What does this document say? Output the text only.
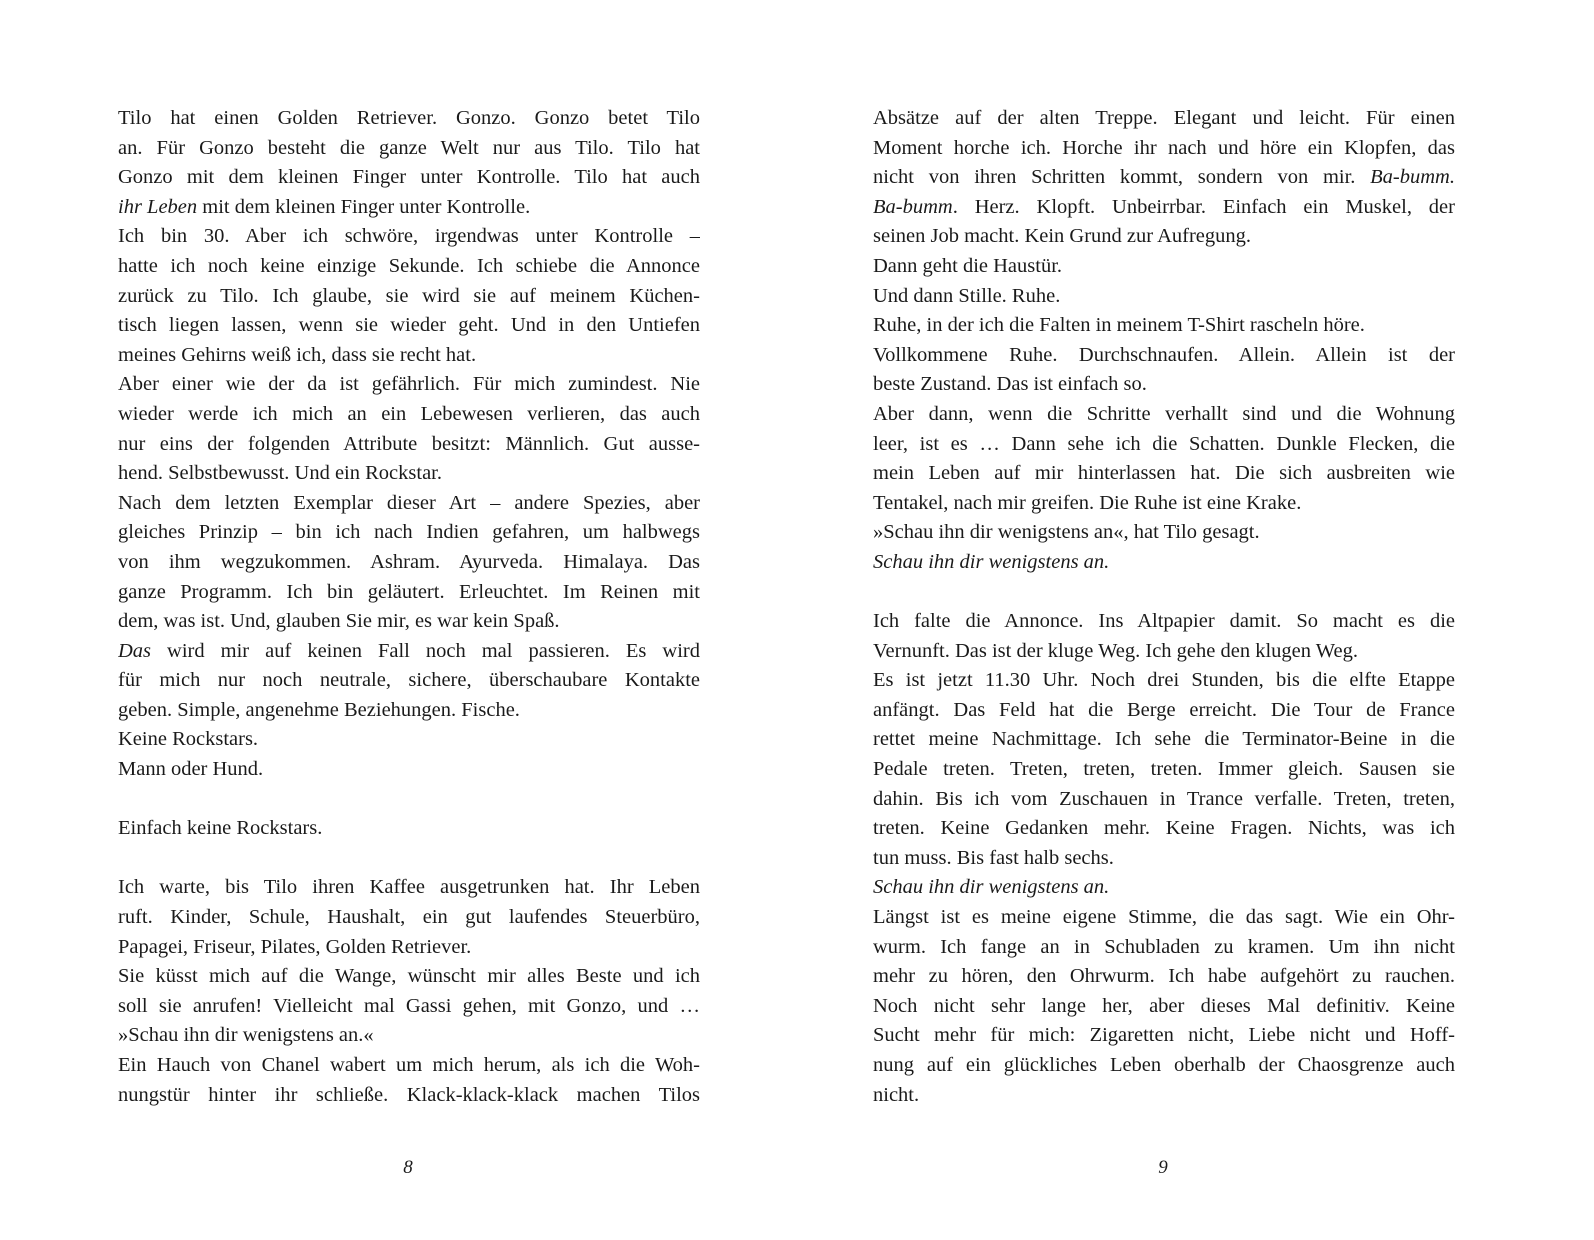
Tilo hat einen Golden Retriever. Gonzo. Gonzo betet Tilo
an. Für Gonzo besteht die ganze Welt nur aus Tilo. Tilo hat
Gonzo mit dem kleinen Finger unter Kontrolle. Tilo hat auch
ihr Leben mit dem kleinen Finger unter Kontrolle.
Ich bin 30. Aber ich schwöre, irgendwas unter Kontrolle –
hatte ich noch keine einzige Sekunde. Ich schiebe die Annonce
zurück zu Tilo. Ich glaube, sie wird sie auf meinem Küchen-
tisch liegen lassen, wenn sie wieder geht. Und in den Untiefen
meines Gehirns weiß ich, dass sie recht hat.
Aber einer wie der da ist gefährlich. Für mich zumindest. Nie
wieder werde ich mich an ein Lebewesen verlieren, das auch
nur eins der folgenden Attribute besitzt: Männlich. Gut ausse-
hend. Selbstbewusst. Und ein Rockstar.
Nach dem letzten Exemplar dieser Art – andere Spezies, aber
gleiches Prinzip – bin ich nach Indien gefahren, um halbwegs
von ihm wegzukommen. Ashram. Ayurveda. Himalaya. Das
ganze Programm. Ich bin geläutert. Erleuchtet. Im Reinen mit
dem, was ist. Und, glauben Sie mir, es war kein Spaß.
Das wird mir auf keinen Fall noch mal passieren. Es wird
für mich nur noch neutrale, sichere, überschaubare Kontakte
geben. Simple, angenehme Beziehungen. Fische.
Keine Rockstars.
Mann oder Hund.
Einfach keine Rockstars.
Ich warte, bis Tilo ihren Kaffee ausgetrunken hat. Ihr Leben
ruft. Kinder, Schule, Haushalt, ein gut laufendes Steuerbüro,
Papagei, Friseur, Pilates, Golden Retriever.
Sie küsst mich auf die Wange, wünscht mir alles Beste und ich
soll sie anrufen! Vielleicht mal Gassi gehen, mit Gonzo, und …
»Schau ihn dir wenigstens an.«
Ein Hauch von Chanel wabert um mich herum, als ich die Woh-
nungstür hinter ihr schließe. Klack-klack-klack machen Tilos
Absätze auf der alten Treppe. Elegant und leicht. Für einen
Moment horche ich. Horche ihr nach und höre ein Klopfen, das
nicht von ihren Schritten kommt, sondern von mir. Ba-bumm.
Ba-bumm. Herz. Klopft. Unbeirrbar. Einfach ein Muskel, der
seinen Job macht. Kein Grund zur Aufregung.
Dann geht die Haustür.
Und dann Stille. Ruhe.
Ruhe, in der ich die Falten in meinem T-Shirt rascheln höre.
Vollkommene Ruhe. Durchschnaufen. Allein. Allein ist der
beste Zustand. Das ist einfach so.
Aber dann, wenn die Schritte verhallt sind und die Wohnung
leer, ist es … Dann sehe ich die Schatten. Dunkle Flecken, die
mein Leben auf mir hinterlassen hat. Die sich ausbreiten wie
Tentakel, nach mir greifen. Die Ruhe ist eine Krake.
»Schau ihn dir wenigstens an«, hat Tilo gesagt.
Schau ihn dir wenigstens an.
Ich falte die Annonce. Ins Altpapier damit. So macht es die
Vernunft. Das ist der kluge Weg. Ich gehe den klugen Weg.
Es ist jetzt 11.30 Uhr. Noch drei Stunden, bis die elfte Etappe
anfängt. Das Feld hat die Berge erreicht. Die Tour de France
rettet meine Nachmittage. Ich sehe die Terminator-Beine in die
Pedale treten. Treten, treten, treten. Immer gleich. Sausen sie
dahin. Bis ich vom Zuschauen in Trance verfalle. Treten, treten,
treten. Keine Gedanken mehr. Keine Fragen. Nichts, was ich
tun muss. Bis fast halb sechs.
Schau ihn dir wenigstens an.
Längst ist es meine eigene Stimme, die das sagt. Wie ein Ohr-
wurm. Ich fange an in Schubladen zu kramen. Um ihn nicht
mehr zu hören, den Ohrwurm. Ich habe aufgehört zu rauchen.
Noch nicht sehr lange her, aber dieses Mal definitiv. Keine
Sucht mehr für mich: Zigaretten nicht, Liebe nicht und Hoff-
nung auf ein glückliches Leben oberhalb der Chaosgrenze auch
nicht.
8	9
